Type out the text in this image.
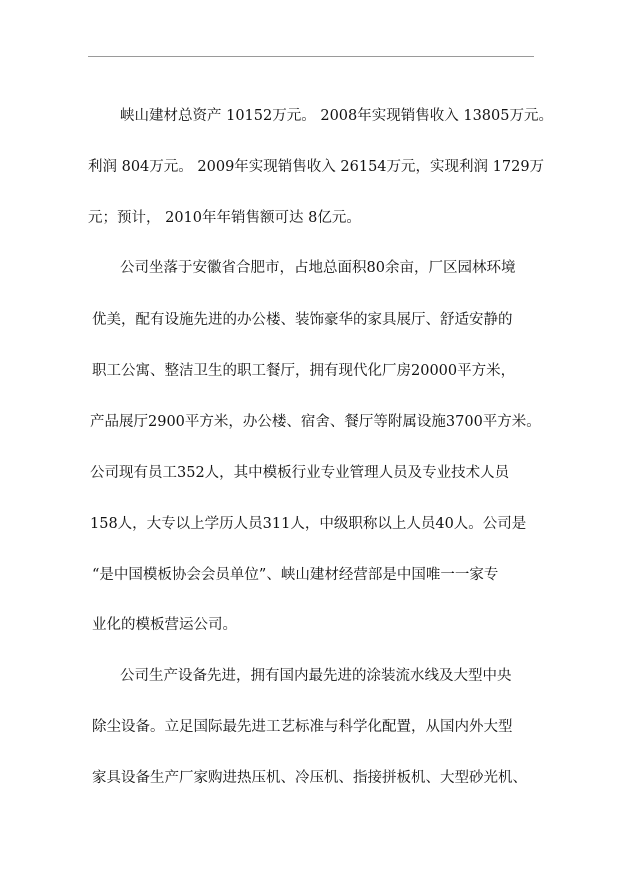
峡山建材总资产 10152万元。 2008年实现销售收入 13805万元。
利润 804万元。 2009年实现销售收入 26154万元，实现利润 1729万
元；预计， 2010年年销售额可达 8亿元。
公司坐落于安徽省合肥市，占地总面积80余亩，厂区园林环境
优美，配有设施先进的办公楼、装饰豪华的家具展厅、舒适安静的
职工公寓、整洁卫生的职工餐厅，拥有现代化厂房20000平方米，
产品展厅2900平方米，办公楼、宿舍、餐厅等附属设施3700平方米。
公司现有员工352人，其中模板行业专业管理人员及专业技术人员
158人，大专以上学历人员311人，中级职称以上人员40人。公司是
“是中国模板协会会员单位”、峡山建材经营部是中国唯一一家专
业化的模板营运公司。
公司生产设备先进，拥有国内最先进的涂装流水线及大型中央
除尘设备。立足国际最先进工艺标准与科学化配置，从国内外大型
家具设备生产厂家购进热压机、冷压机、指接拼板机、大型砂光机、
